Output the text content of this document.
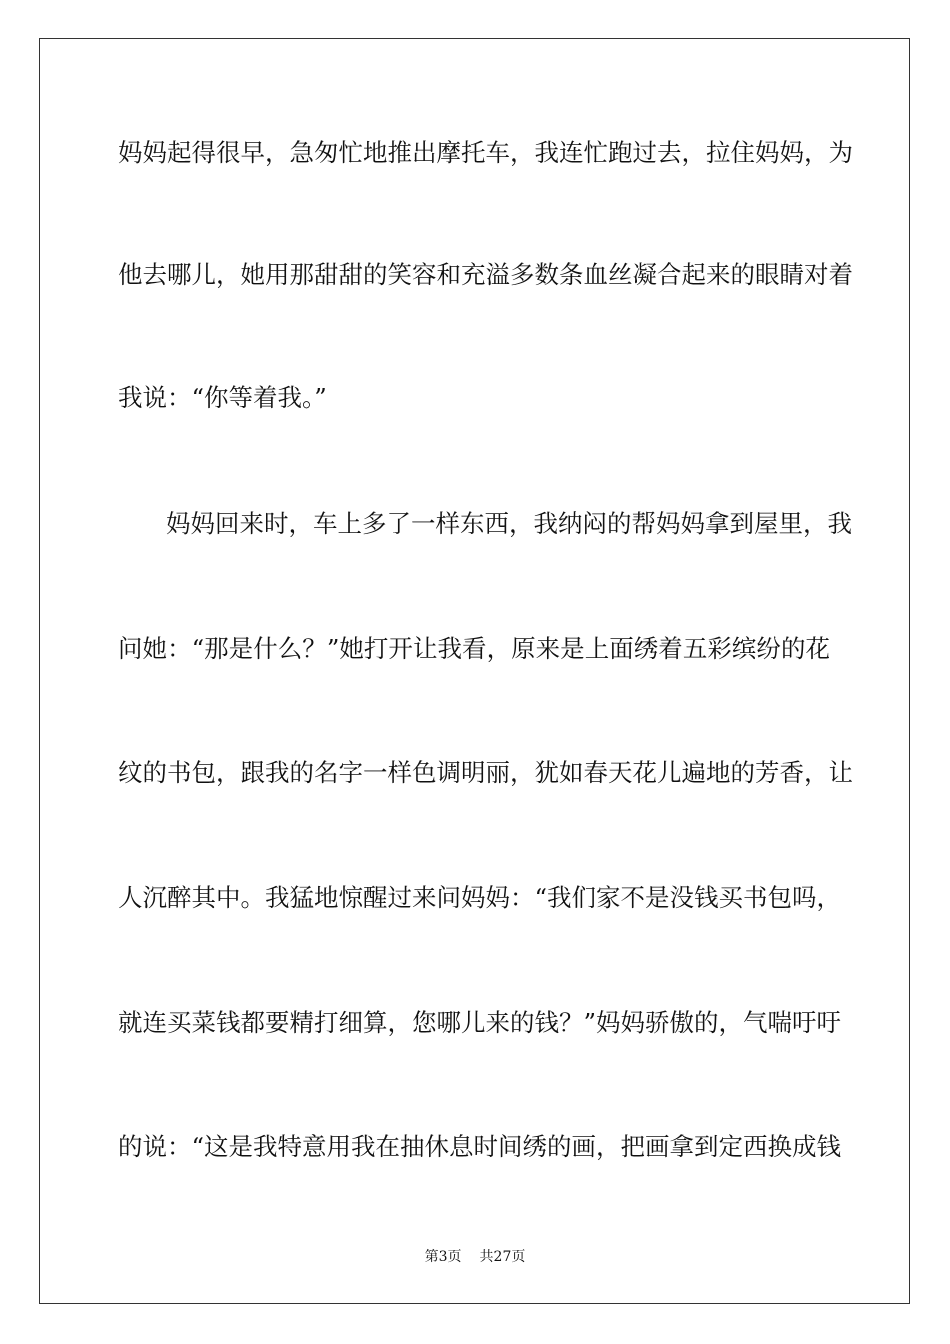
妈妈起得很早，急匆忙地推出摩托车，我连忙跑过去，拉住妈妈，为
他去哪儿，她用那甜甜的笑容和充溢多数条血丝凝合起来的眼睛对着
我说：“你等着我。”
妈妈回来时，车上多了一样东西，我纳闷的帮妈妈拿到屋里，我
问她：“那是什么？”她打开让我看，原来是上面绣着五彩缤纷的花
纹的书包，跟我的名字一样色调明丽，犹如春天花儿遍地的芳香，让
人沉醉其中。我猛地惊醒过来问妈妈：“我们家不是没钱买书包吗，
就连买菜钱都要精打细算，您哪儿来的钱？”妈妈骄傲的，气喘吁吁
的说：“这是我特意用我在抽休息时间绣的画，把画拿到定西换成钱
第3页 共27页
